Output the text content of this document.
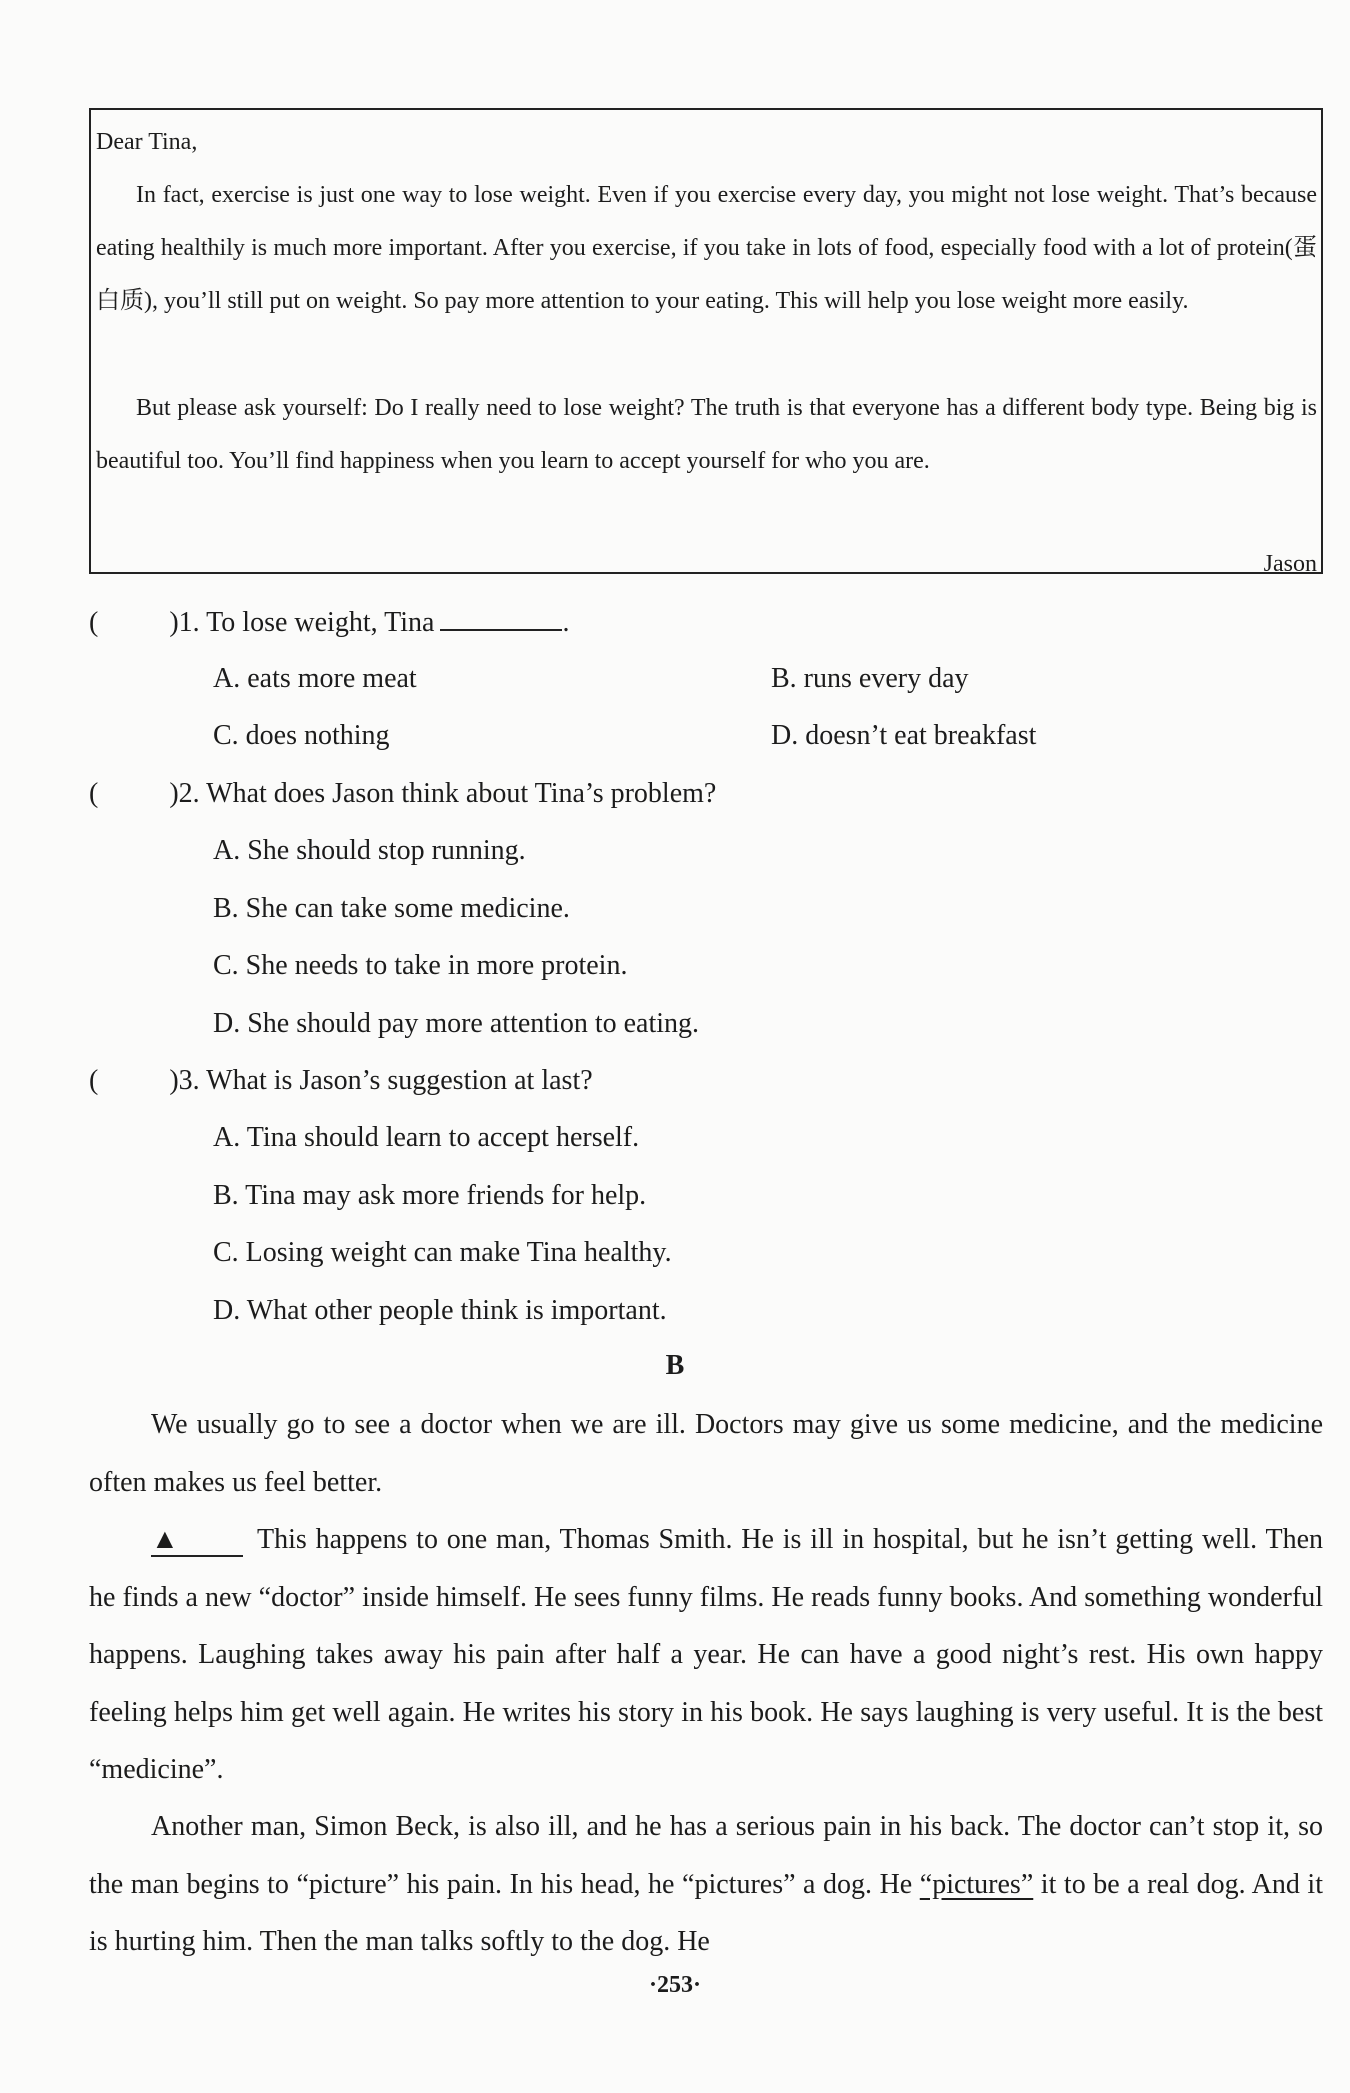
Dear Tina,
In fact, exercise is just one way to lose weight. Even if you exercise every day, you might not lose weight. That’s because eating healthily is much more important. After you exercise, if you take in lots of food, especially food with a lot of protein(蛋白质), you’ll still put on weight. So pay more attention to your eating. This will help you lose weight more easily.
But please ask yourself: Do I really need to lose weight? The truth is that everyone has a different body type. Being big is beautiful too. You’ll find happiness when you learn to accept yourself for who you are.
Jason
(	)1. To lose weight, Tina	.
A. eats more meat	B. runs every day
C. does nothing	D. doesn’t eat breakfast
(	)2. What does Jason think about Tina’s problem?
A. She should stop running.
B. She can take some medicine.
C. She needs to take in more protein.
D. She should pay more attention to eating.
(	)3. What is Jason’s suggestion at last?
A. Tina should learn to accept herself.
B. Tina may ask more friends for help.
C. Losing weight can make Tina healthy.
D. What other people think is important.
B
We usually go to see a doctor when we are ill. Doctors may give us some medicine, and the medicine often makes us feel better.
▲	This happens to one man, Thomas Smith. He is ill in hospital, but he isn’t getting well. Then he finds a new “doctor” inside himself. He sees funny films. He reads funny books. And something wonderful happens. Laughing takes away his pain after half a year. He can have a good night’s rest. His own happy feeling helps him get well again. He writes his story in his book. He says laughing is very useful. It is the best “medicine”.
Another man, Simon Beck, is also ill, and he has a serious pain in his back. The doctor can’t stop it, so the man begins to “picture” his pain. In his head, he “pictures” a dog. He “pictures” it to be a real dog. And it is hurting him. Then the man talks softly to the dog. He
·253·
